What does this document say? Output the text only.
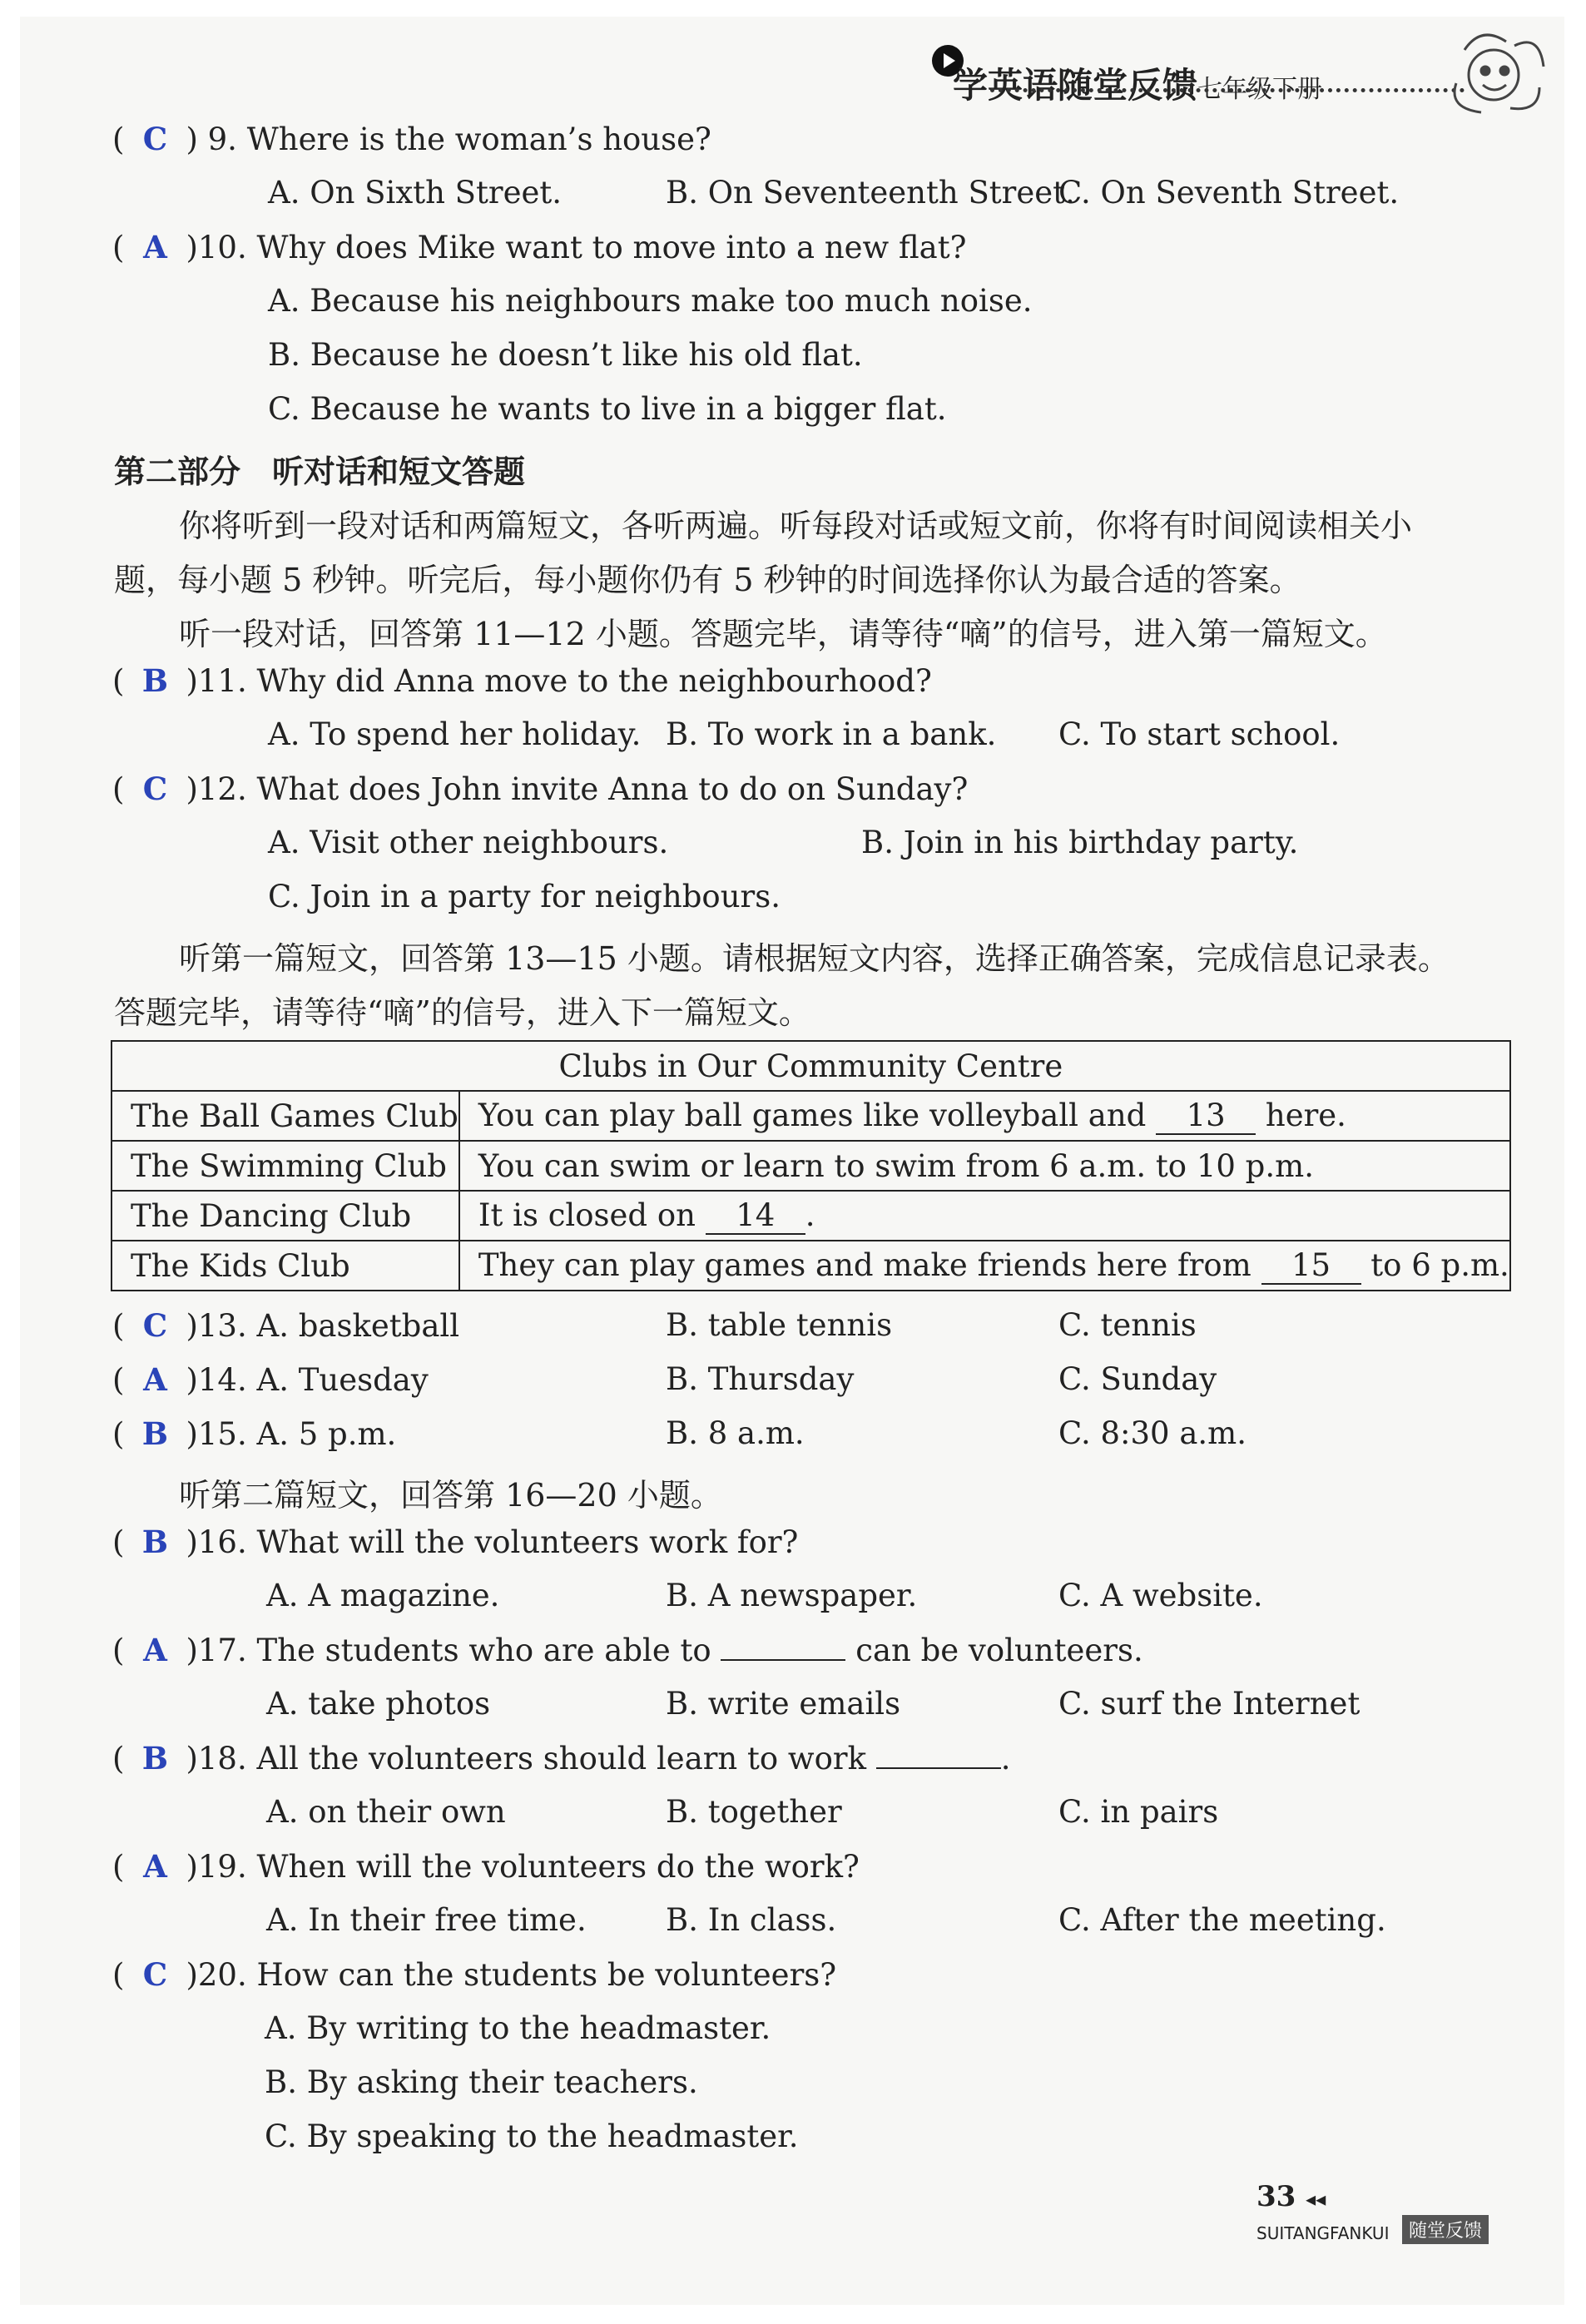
学英语随堂反馈七年级下册
( C ) 9. Where is the woman’s house?
A. On Sixth Street.	B. On Seventeenth Street.
C. On Seventh Street.
( A )10. Why does Mike want to move into a new flat?
A. Because his neighbours make too much noise.
B. Because he doesn’t like his old flat.
C. Because he wants to live in a bigger flat.
第二部分　听对话和短文答题
你将听到一段对话和两篇短文，各听两遍。听每段对话或短文前，你将有时间阅读相关小
题，每小题 5 秒钟。听完后，每小题你仍有 5 秒钟的时间选择你认为最合适的答案。
听一段对话，回答第 11—12 小题。答题完毕，请等待“嘀”的信号，进入第一篇短文。
( B )11. Why did Anna move to the neighbourhood?
A. To spend her holiday. B. To work in a bank. C. To start school.
( C )12. What does John invite Anna to do on Sunday?
A. Visit other neighbours.	B. Join in his birthday party.
C. Join in a party for neighbours.
听第一篇短文，回答第 13—15 小题。请根据短文内容，选择正确答案，完成信息记录表。
答题完毕，请等待“嘀”的信号，进入下一篇短文。
Clubs in Our Community Centre	
The Ball Games Club	You can play ball games like volleyball and 13 here.
The Swimming Club	You can swim or learn to swim from 6 a.m. to 10 p.m.
The Dancing Club	It is closed on 14 .
The Kids Club	They can play games and make friends here from 15 to 6 p.m.
( C )13. A. basketball	B. table tennis	C. tennis
( A )14. A. Tuesday	B. Thursday	C. Sunday
( B )15. A. 5 p.m.	B. 8 a.m.	C. 8:30 a.m.
听第二篇短文，回答第 16—20 小题。
( B )16. What will the volunteers work for?
A. A magazine.	B. A newspaper.	C. A website.
( A )17. The students who are able to	can be volunteers.
A. take photos	B. write emails	C. surf the Internet
( B )18. All the volunteers should learn to work	.
A. on their own	B. together	C. in pairs
( A )19. When will the volunteers do the work?
A. In their free time.	B. In class.	C. After the meeting.
( C )20. How can the students be volunteers?
A. By writing to the headmaster.
B. By asking their teachers.
C. By speaking to the headmaster.
33 ◂◂
SUITANGFANKUI	随堂反馈
